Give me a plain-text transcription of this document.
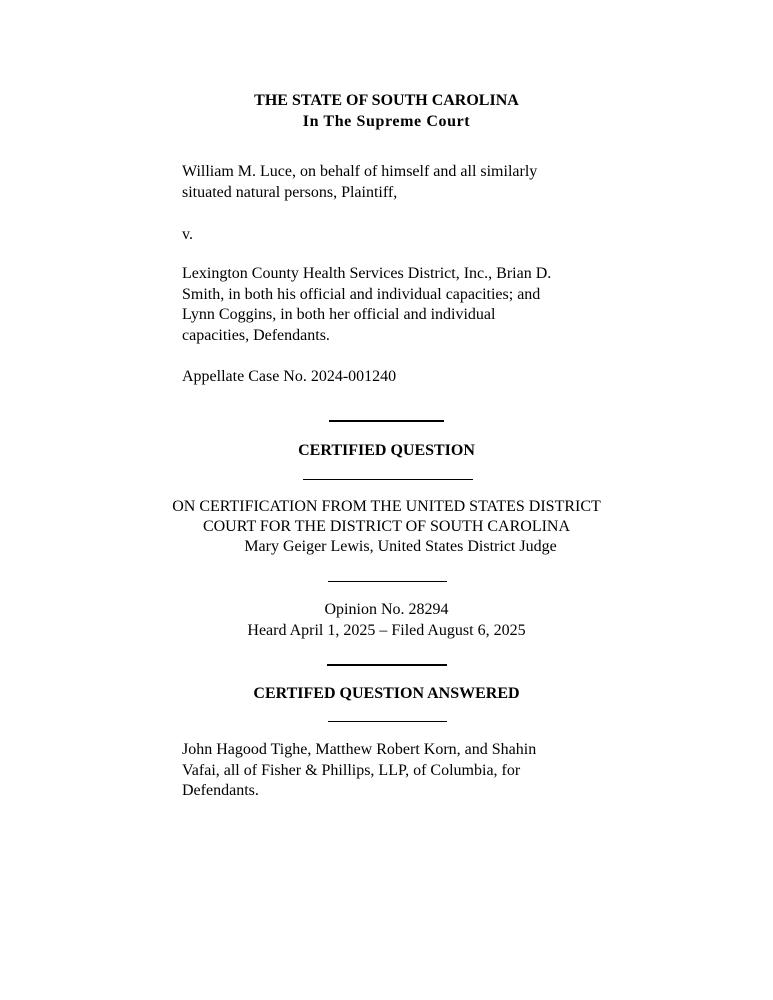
THE STATE OF SOUTH CAROLINA

In The Supreme Court

William M. Luce, on behalf of himself and all similarly
situated natural persons, Plaintiff,

v.

Lexington County Health Services District, Inc., Brian D.
Smith, in both his official and individual capacities; and
Lynn Coggins, in both her official and individual
capacities, Defendants.

Appellate Case No. 2024-001240

CERTIFIED QUESTION

ON CERTIFICATION FROM THE UNITED STATES DISTRICT

COURT FOR THE DISTRICT OF SOUTH CAROLINA

Mary Geiger Lewis, United States District Judge

Opinion No. 28294

Heard April 1, 2025 – Filed August 6, 2025

CERTIFED QUESTION ANSWERED

John Hagood Tighe, Matthew Robert Korn, and Shahin
Vafai, all of Fisher & Phillips, LLP, of Columbia, for
Defendants.
